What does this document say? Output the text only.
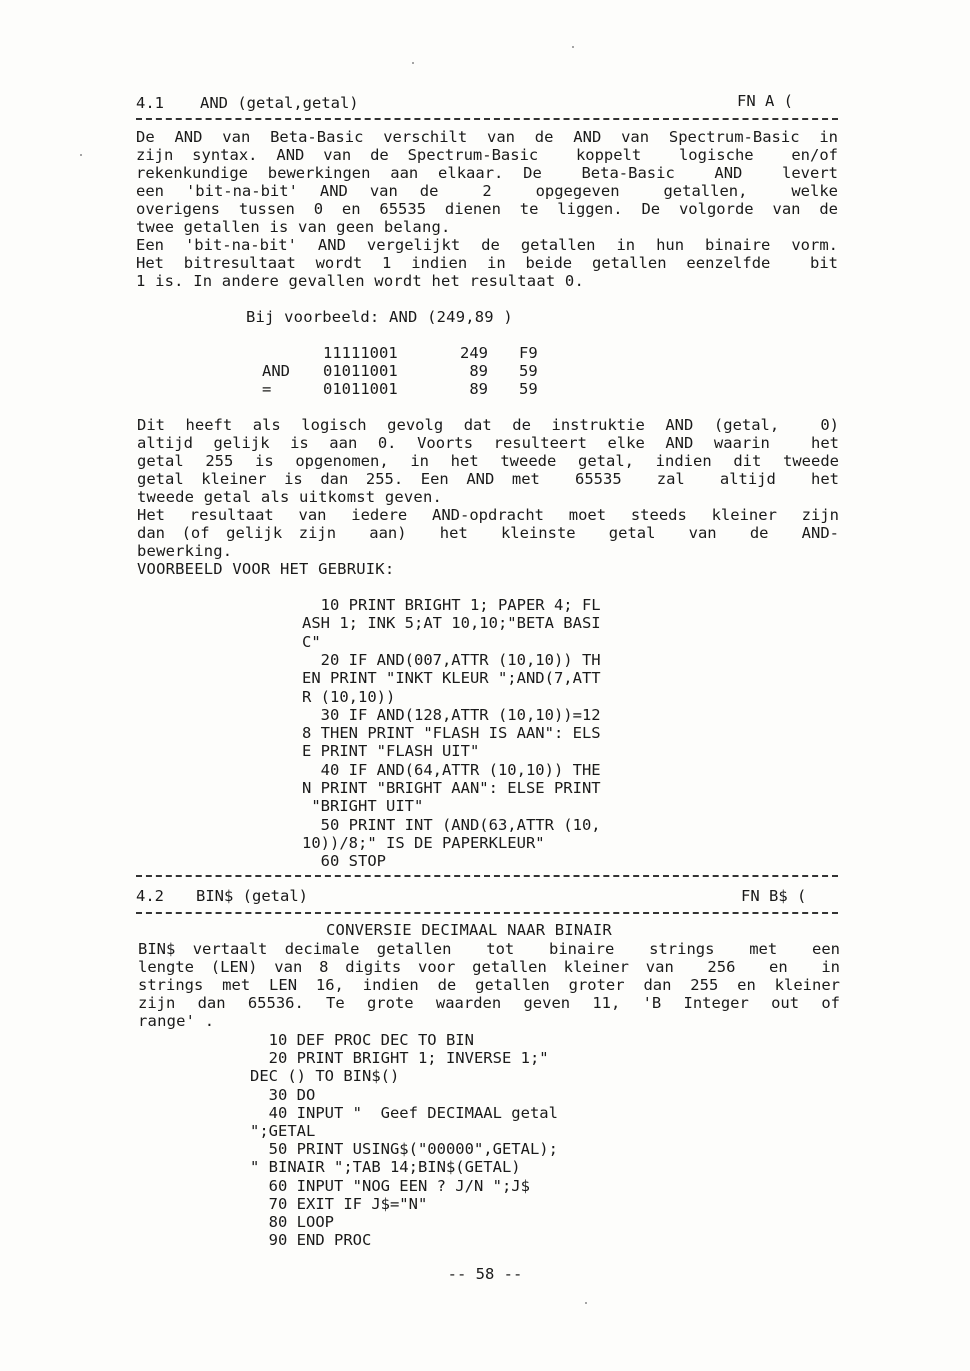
4.1 AND (getal,getal)	FN A (
De AND van Beta-Basic verschilt van de AND van Spectrum-Basic in
zijn syntax. AND van de Spectrum-Basic  koppelt  logische  en/of
rekenkundige bewerkingen aan elkaar. De  Beta-Basic  AND  levert
een 'bit-na-bit' AND van de  2  opgegeven  getallen,  welke
overigens tussen 0 en 65535 dienen te liggen. De volgorde van de
twee getallen is van geen belang.
Een 'bit-na-bit' AND vergelijkt de getallen in hun binaire vorm.
Het bitresultaat wordt 1 indien in beide getallen eenzelfde  bit
1 is. In andere gevallen wordt het resultaat 0.
Bij voorbeeld: AND (249,89 )
11111001	249 F9
AND 01011001	89 59
=	01011001	89 59
Dit heeft als logisch gevolg dat de instruktie AND (getal,  0)
altijd gelijk is aan 0. Voorts resulteert elke AND waarin  het
getal 255 is opgenomen, in het tweede getal, indien dit tweede
getal kleiner is dan 255. Een AND met  65535  zal  altijd  het
tweede getal als uitkomst geven.
Het resultaat van iedere AND-opdracht moet steeds kleiner zijn
dan (of gelijk zijn  aan)  het  kleinste  getal  van  de  AND-
bewerking.
VOORBEELD VOOR HET GEBRUIK:
10 PRINT BRIGHT 1; PAPER 4; FL
ASH 1; INK 5;AT 10,10;"BETA BASI
C"
20 IF AND(007,ATTR (10,10)) TH
EN PRINT "INKT KLEUR ";AND(7,ATT
R (10,10))
30 IF AND(128,ATTR (10,10))=12
8 THEN PRINT "FLASH IS AAN": ELS
E PRINT "FLASH UIT"
40 IF AND(64,ATTR (10,10)) THE
N PRINT "BRIGHT AAN": ELSE PRINT
"BRIGHT UIT"
50 PRINT INT (AND(63,ATTR (10,
10))/8;" IS DE PAPERKLEUR"
60 STOP
4.2 BIN$ (getal)	FN B$ (
CONVERSIE DECIMAAL NAAR BINAIR
BIN$ vertaalt decimale getallen  tot  binaire  strings  met  een
lengte (LEN) van 8 digits voor getallen kleiner van  256  en  in
strings met LEN 16, indien de getallen groter dan 255 en kleiner
zijn dan 65536. Te grote waarden geven 11, 'B Integer out of
range' .
10 DEF PROC DEC TO BIN
20 PRINT BRIGHT 1; INVERSE 1;"
DEC () TO BIN$()
30 DO
40 INPUT "  Geef DECIMAAL getal
";GETAL
50 PRINT USING$("00000",GETAL);
" BINAIR ";TAB 14;BIN$(GETAL)
60 INPUT "NOG EEN ? J/N ";J$
70 EXIT IF J$="N"
80 LOOP
90 END PROC
-- 58 --
